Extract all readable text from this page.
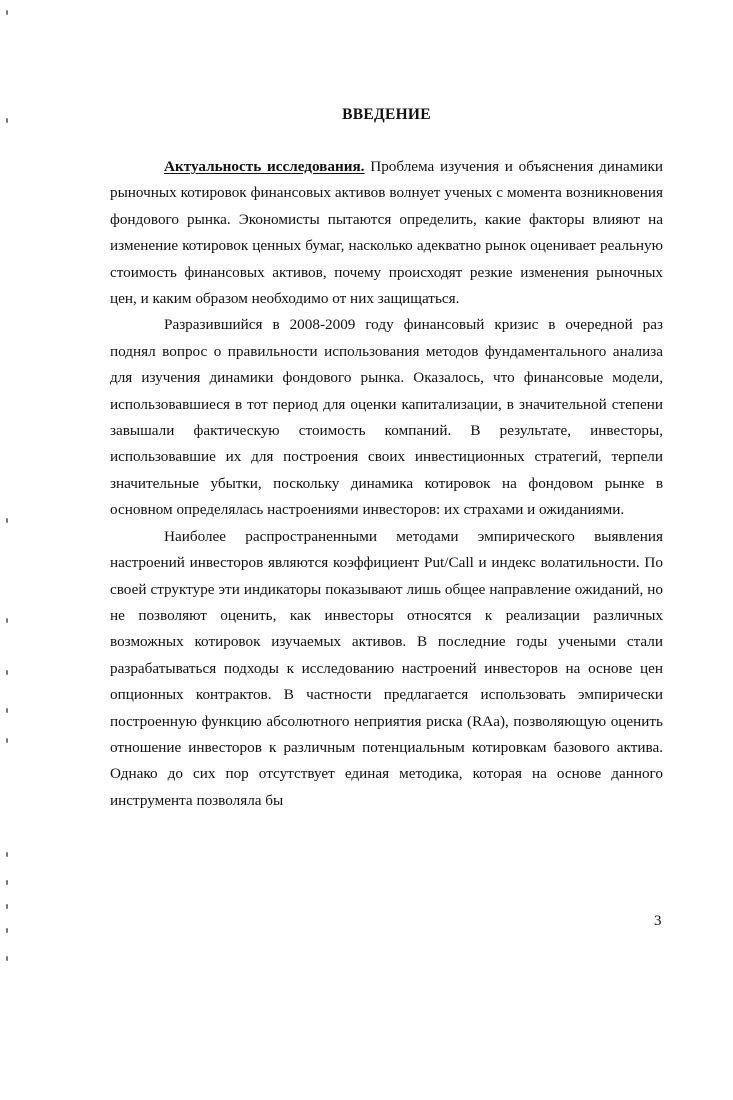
ВВЕДЕНИЕ

Актуальность исследования. Проблема изучения и объяснения динамики рыночных котировок финансовых активов волнует ученых с момента возникновения фондового рынка. Экономисты пытаются определить, какие факторы влияют на изменение котировок ценных бумаг, насколько адекватно рынок оценивает реальную стоимость финансовых активов, почему происходят резкие изменения рыночных цен, и каким образом необходимо от них защищаться.

Разразившийся в 2008-2009 году финансовый кризис в очередной раз поднял вопрос о правильности использования методов фундаментального анализа для изучения динамики фондового рынка. Оказалось, что финансовые модели, использовавшиеся в тот период для оценки капитализации, в значительной степени завышали фактическую стоимость компаний. В результате, инвесторы, использовавшие их для построения своих инвестиционных стратегий, терпели значительные убытки, поскольку динамика котировок на фондовом рынке в основном определялась настроениями инвесторов: их страхами и ожиданиями.

Наиболее распространенными методами эмпирического выявления настроений инвесторов являются коэффициент Put/Call и индекс волатильности. По своей структуре эти индикаторы показывают лишь общее направление ожиданий, но не позволяют оценить, как инвесторы относятся к реализации различных возможных котировок изучаемых активов. В последние годы учеными стали разрабатываться подходы к исследованию настроений инвесторов на основе цен опционных контрактов. В частности предлагается использовать эмпирически построенную функцию абсолютного неприятия риска (RAa), позволяющую оценить отношение инвесторов к различным потенциальным котировкам базового актива. Однако до сих пор отсутствует единая методика, которая на основе данного инструмента позволяла бы

3
